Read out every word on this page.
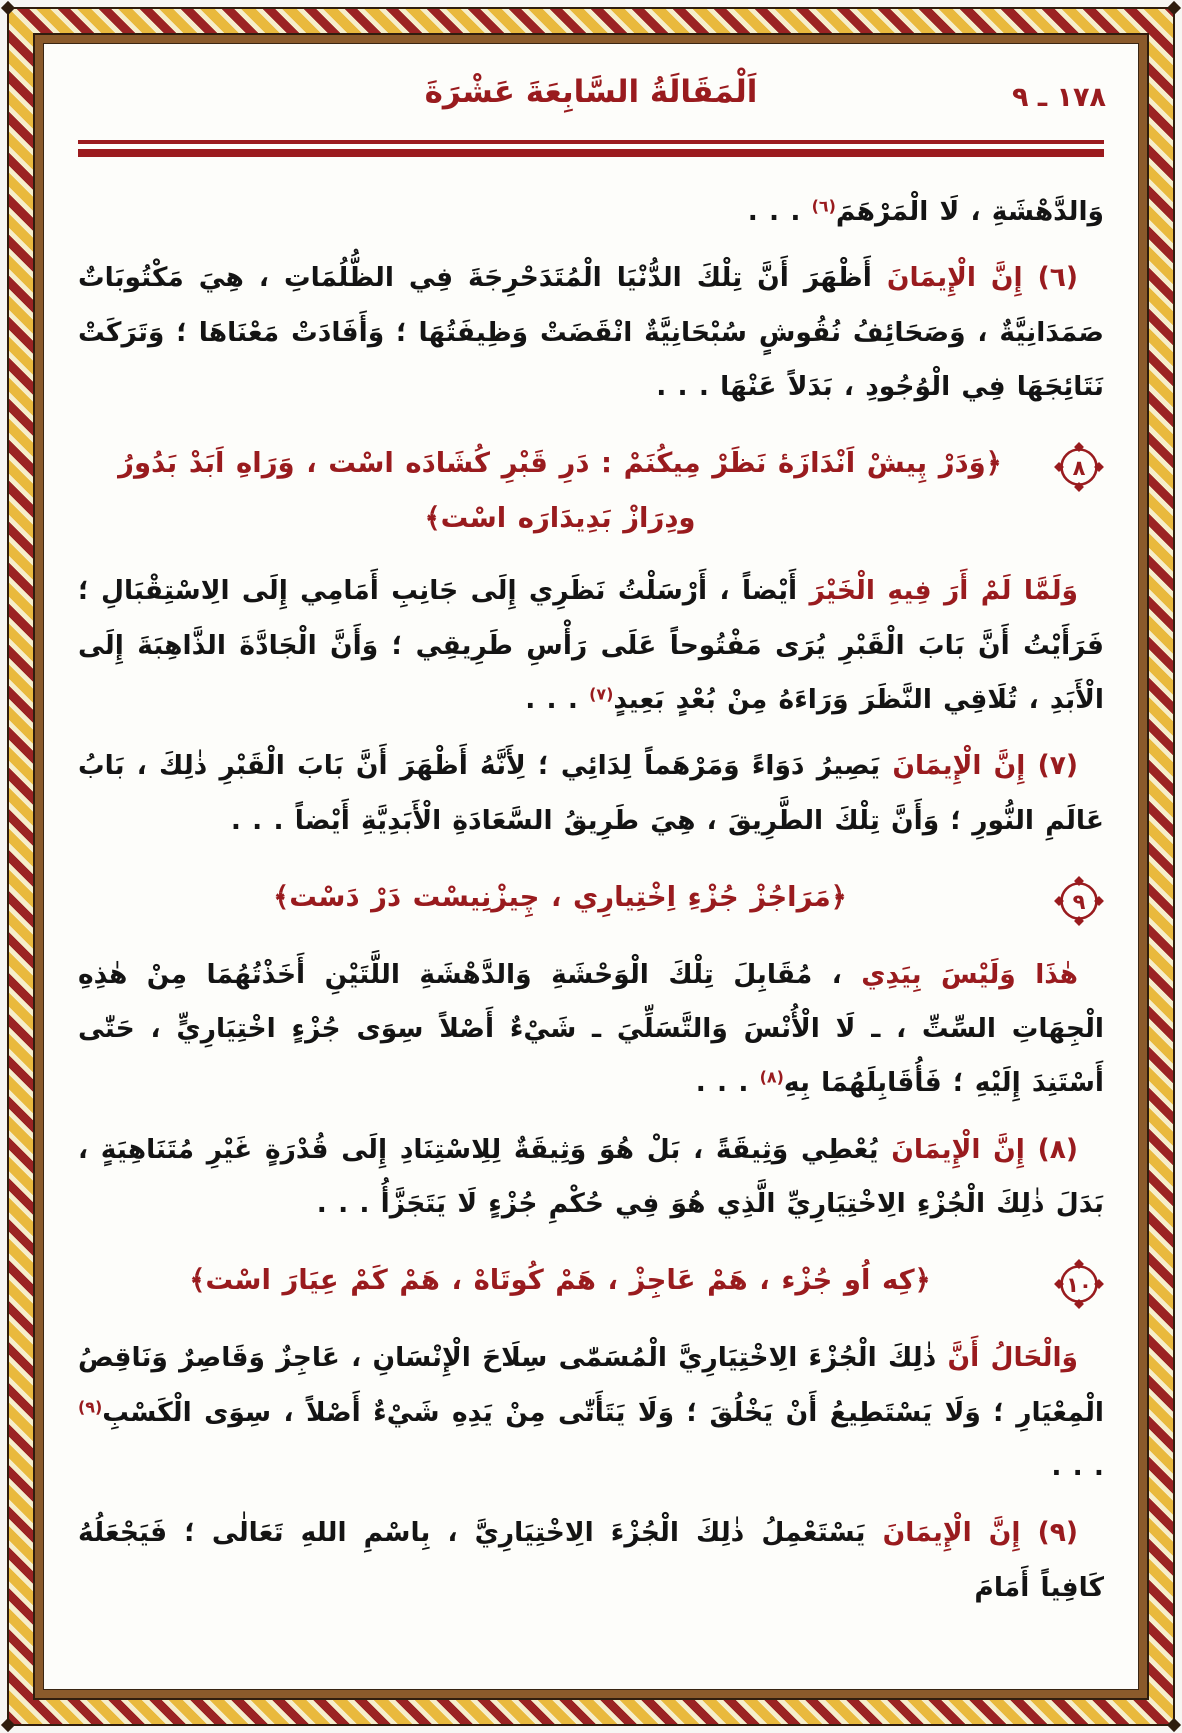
١٧٨ ـ ٩
اَلْمَقَالَةُ السَّابِعَةَ عَشْرَةَ

وَالدَّهْشَةِ ، لَا الْمَرْهَمَ$^{(٦)}$ . . .

(٦) إِنَّ الْإِيمَانَ أَظْهَرَ أَنَّ تِلْكَ الدُّنْيَا الْمُتَدَحْرِجَةَ فِي الظُّلُمَاتِ ، هِيَ مَكْتُوبَاتٌ صَمَدَانِيَّةٌ ، وَصَحَائِفُ نُقُوشٍ سُبْحَانِيَّةٌ انْقَضَتْ وَظِيفَتُهَا ؛ وَأَفَادَتْ مَعْنَاهَا ؛ وَتَرَكَتْ نَتَائِجَهَا فِي الْوُجُودِ ، بَدَلاً عَنْهَا . . .

٨
﴿وَدَرْ پِيشْ اَنْدَازَهٔ نَظَرْ مِيكُنَمْ : دَرِ قَبْرِ كُشَادَه اسْت ، وَرَاهِ اَبَدْ بَدُورُ ودِرَازْ بَدِيدَارَه اسْت﴾

وَلَمَّا لَمْ أَرَ فِيهِ الْخَيْرَ أَيْضاً ، أَرْسَلْتُ نَظَرِي إِلَى جَانِبِ أَمَامِي إِلَى الِاسْتِقْبَالِ ؛ فَرَأَيْتُ أَنَّ بَابَ الْقَبْرِ يُرَى مَفْتُوحاً عَلَى رَأْسِ طَرِيقِي ؛ وَأَنَّ الْجَادَّةَ الذَّاهِبَةَ إِلَى الْأَبَدِ ، تُلَاقِي النَّظَرَ وَرَاءَهُ مِنْ بُعْدٍ بَعِيدٍ$^{(٧)}$ . . .

(٧) إِنَّ الْإِيمَانَ يَصِيرُ دَوَاءً وَمَرْهَماً لِدَائِي ؛ لِأَنَّهُ أَظْهَرَ أَنَّ بَابَ الْقَبْرِ ذٰلِكَ ، بَابُ عَالَمِ النُّورِ ؛ وَأَنَّ تِلْكَ الطَّرِيقَ ، هِيَ طَرِيقُ السَّعَادَةِ الْأَبَدِيَّةِ أَيْضاً . . .

٩
﴿مَرَاجُزْ جُزْءِ اِخْتِيارِي ، چِيزْنِيسْت دَرْ دَسْت﴾

هٰذَا وَلَيْسَ بِيَدِي ، مُقَابِلَ تِلْكَ الْوَحْشَةِ وَالدَّهْشَةِ اللَّتَيْنِ أَخَذْتُهُمَا مِنْ هٰذِهِ الْجِهَاتِ السِّتِّ ، ـ لَا الْأُنْسَ وَالتَّسَلِّيَ ـ شَيْءٌ أَصْلاً سِوَى جُزْءٍ اخْتِيَارِيٍّ ، حَتّٰى أَسْتَنِدَ إِلَيْهِ ؛ فَأُقَابِلَهُمَا بِهِ$^{(٨)}$ . . .

(٨) إِنَّ الْإِيمَانَ يُعْطِي وَثِيقَةً ، بَلْ هُوَ وَثِيقَةٌ لِلِاسْتِنَادِ إِلَى قُدْرَةٍ غَيْرِ مُتَنَاهِيَةٍ ، بَدَلَ ذٰلِكَ الْجُزْءِ الِاخْتِيَارِيِّ الَّذِي هُوَ فِي حُكْمِ جُزْءٍ لَا يَتَجَزَّأُ . . .

١٠
﴿كِه اُو جُزْء ، هَمْ عَاجِزْ ، هَمْ كُوتَاهْ ، هَمْ كَمْ عِيَارَ اسْت﴾

وَالْحَالُ أَنَّ ذٰلِكَ الْجُزْءَ الِاخْتِيَارِيَّ الْمُسَمّٰى سِلَاحَ الْإِنْسَانِ ، عَاجِزٌ وَقَاصِرٌ وَنَاقِصُ الْمِعْيَارِ ؛ وَلَا يَسْتَطِيعُ أَنْ يَخْلُقَ ؛ وَلَا يَتَأَتّٰى مِنْ يَدِهِ شَيْءٌ أَصْلاً ، سِوَى الْكَسْبِ$^{(٩)}$ . . .

(٩) إِنَّ الْإِيمَانَ يَسْتَعْمِلُ ذٰلِكَ الْجُزْءَ الِاخْتِيَارِيَّ ، بِاسْمِ اللهِ تَعَالٰى ؛ فَيَجْعَلُهُ كَافِياً أَمَامَ
